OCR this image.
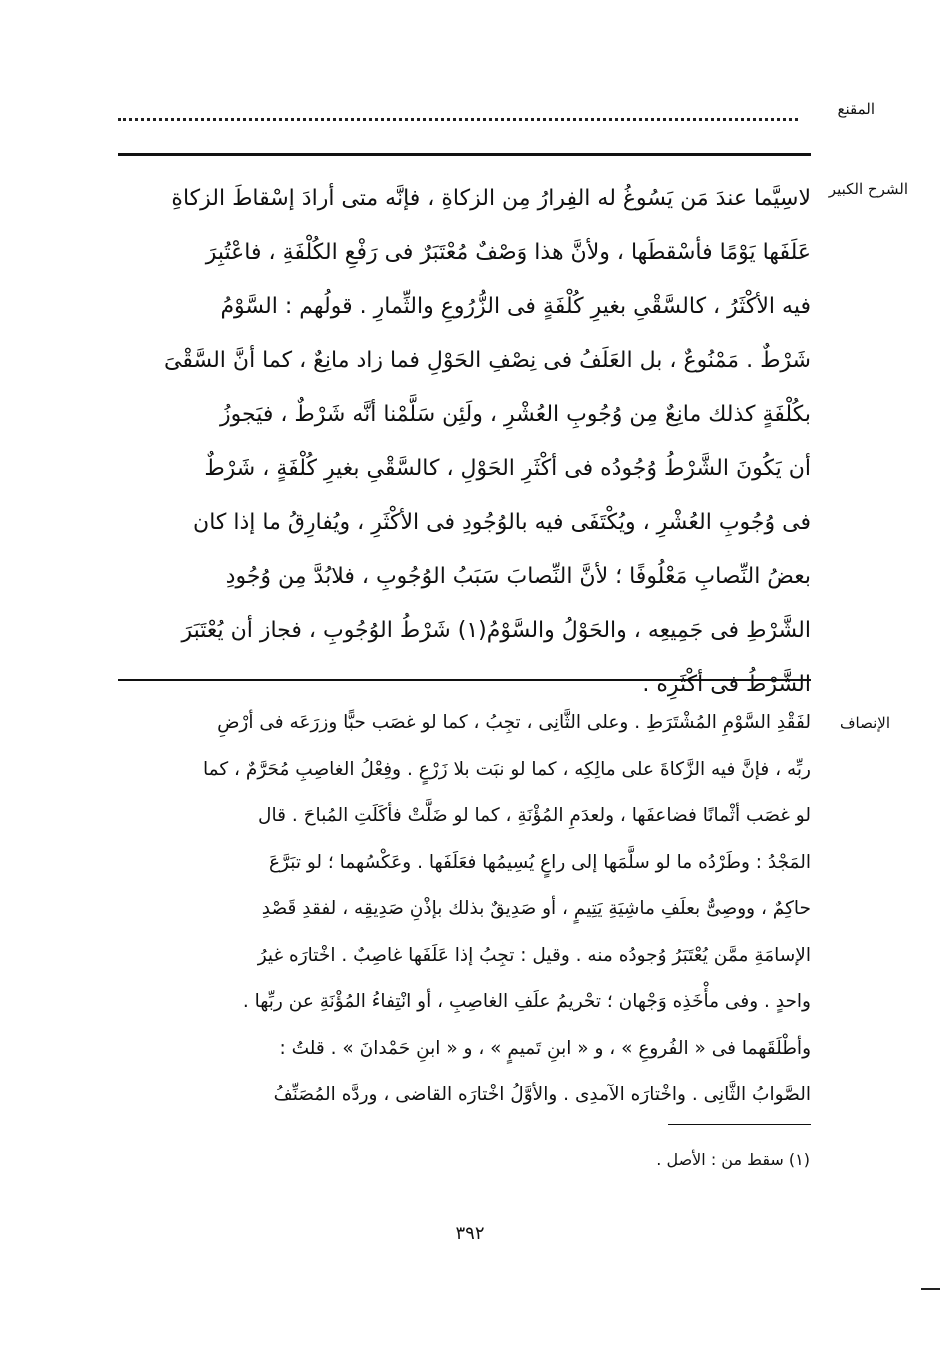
المقنع
الشرح الكبير
لاسِيَّما عندَ مَن يَسُوغُ له الفِرارُ مِن الزكاةِ ، فإنَّه متى أرادَ إسْقاطَ الزكاةِ
عَلَفَها يَوْمًا فأسْقطَها ، ولأنَّ هذا وَصْفٌ مُعْتَبَرٌ فى رَفْعِ الكُلْفَةِ ، فاعْتُبِرَ
فيه الأكْثَرُ ، كالسَّقْىِ بغيرِ كُلْفَةٍ فى الزُّرُوعِ والثِّمارِ . قولُهم : السَّوْمُ
شَرْطٌ . مَمْنُوعٌ ، بل العَلَفُ فى نِصْفِ الحَوْلِ فما زاد مانِعٌ ، كما أنَّ السَّقْىَ
بكُلْفَةٍ كذلك مانِعٌ مِن وُجُوبِ العُشْرِ ، ولَئِن سَلَّمْنا أنَّه شَرْطٌ ، فيَجوزُ
أن يَكُونَ الشَّرْطُ وُجُودُه فى أكْثَرِ الحَوْلِ ، كالسَّقْىِ بغيرِ كُلْفَةٍ ، شَرْطٌ
فى وُجُوبِ العُشْرِ ، ويُكْتَفَى فيه بالوُجُودِ فى الأكْثَرِ ، ويُفارِقُ ما إذا كان
بعضُ النِّصابِ مَعْلُوفًا ؛ لأنَّ النِّصابَ سَبَبُ الوُجُوبِ ، فلابُدَّ مِن وُجُودِ
الشَّرْطِ فى جَمِيعِه ، والحَوْلُ والسَّوْمُ(١) شَرْطُ الوُجُوبِ ، فجاز أن يُعْتَبَرَ
الشَّرْطُ فى أكْثَرِه .
الإنصاف
لفَقْدِ السَّوْمِ المُشْتَرَطِ . وعلى الثَّانِى ، تجِبُ ، كما لو غصَب حبًّا وزرَعَه فى أرْضِ
ربِّه ، فإنَّ فيه الزَّكاةَ على مالِكِه ، كما لو نبَت بلا زَرْعٍ . وفِعْلُ الغاصِبِ مُحَرَّمٌ ، كما
لو غصَب أثْمانًا فضاعفَها ، ولعدَمِ المُؤْنَةِ ، كما لو ضَلَّتْ فأكَلَتِ المُباحَ . قال
المَجْدُ : وطَرْدُه ما لو سلَّمَها إلى راعٍ يُسِيمُها فعَلَفَها . وعَكْسُهما ؛ لو تبَرَّعَ
حاكِمٌ ، ووصِىٌّ بعلَفِ ماشِيَةِ يَتِيمٍ ، أو صَدِيقٌ بذلك بإذْنِ صَدِيقِه ، لفقدِ قَصْدِ
الإسامَةِ ممَّن يُعْتَبَرُ وُجودُه منه . وقيل : تجِبُ إذا عَلَفَها غاصِبٌ . اخْتارَه غيرُ
واحدٍ . وفى مأْخَذِه وَجْهان ؛ تحْريمُ علَفِ الغاصِبِ ، أو انْتِفاءُ المُؤْنَةِ عن ربِّها .
وأطْلَقَهما فى « الفُروعِ » ، و « ابنِ تَميمٍ » ، و « ابنِ حَمْدانَ » . قلتُ :
الصَّوابُ الثَّانِى . واخْتارَه الآمدِى . والأوَّلُ اخْتارَه القاضى ، وردَّه المُصَنِّفُ
(١) سقط من : الأصل .
٣٩٢
